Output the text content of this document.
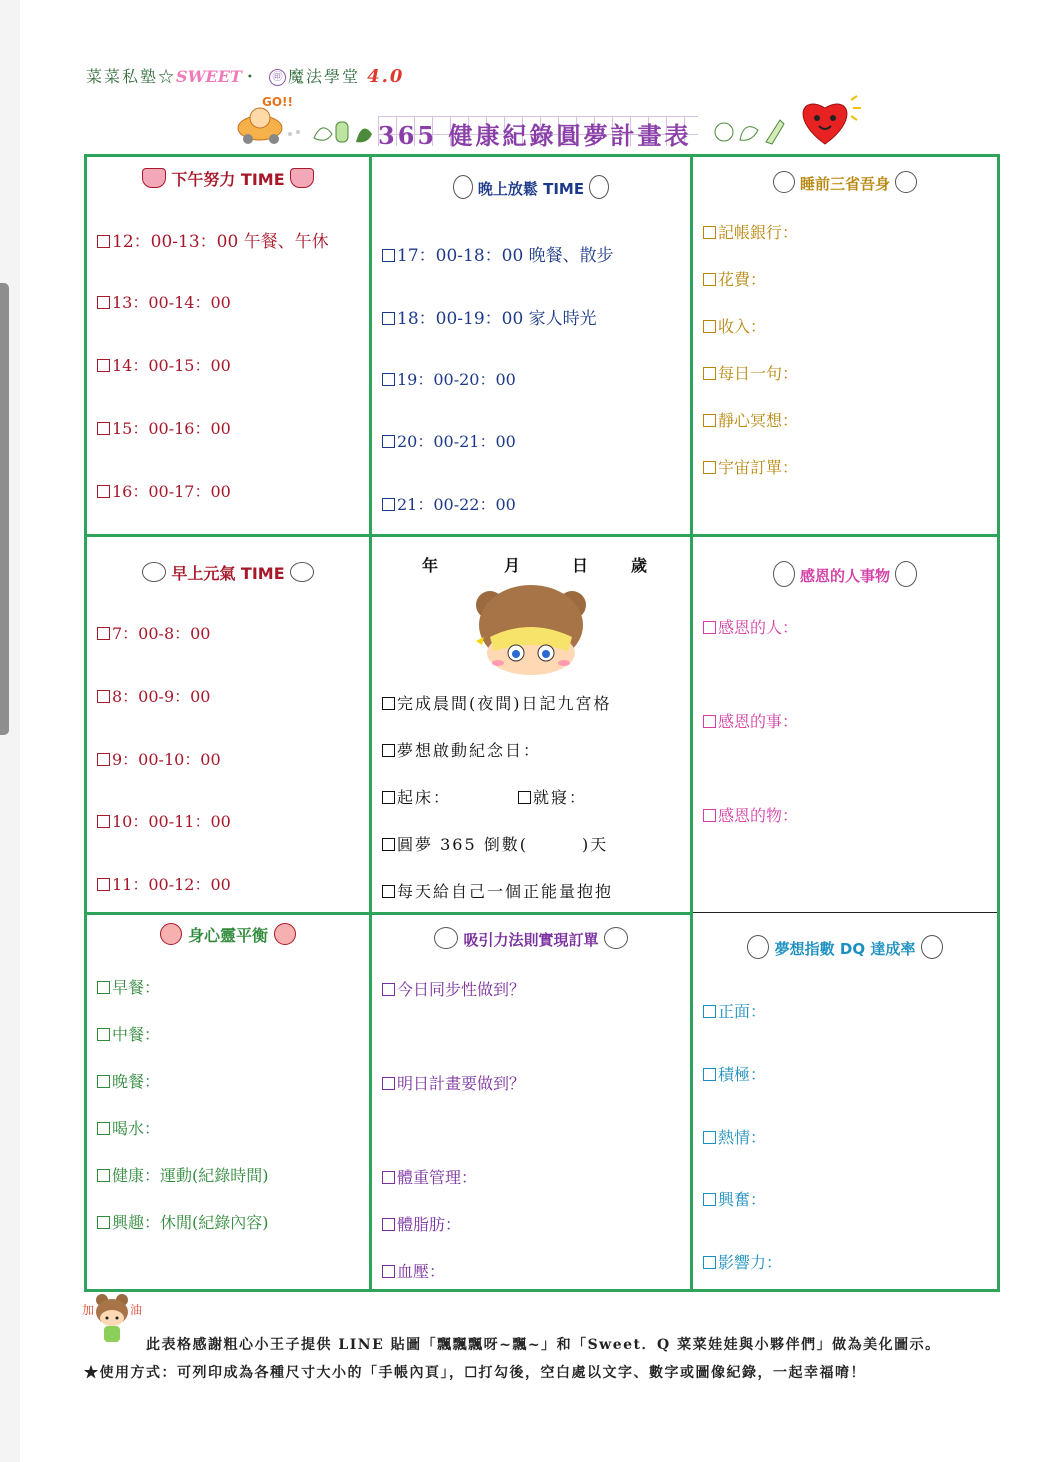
菜菜私塾☆SWEET・ ㊞ 魔法學堂 4.0
GO!!
365 健康紀錄圓夢計畫表
下午努力 TIME
12：00-13：00 午餐、午休
13：00-14：00
14：00-15：00
15：00-16：00
16：00-17：00
晚上放鬆 TIME
17：00-18：00 晚餐、散步
18：00-19：00 家人時光
19：00-20：00
20：00-21：00
21：00-22：00
睡前三省吾身
記帳銀行：
花費：
收入：
每日一句：
靜心冥想：
宇宙訂單：
早上元氣 TIME
7：00-8：00
8：00-9：00
9：00-10：00
10：00-11：00
11：00-12：00
年	月	日	歲
完成晨間(夜間)日記九宮格
夢想啟動紀念日：
起床：	就寢：
圓夢 365 倒數(　　　)天
每天給自己一個正能量抱抱
感恩的人事物
感恩的人：
感恩的事：
感恩的物：
身心靈平衡
早餐：
中餐：
晚餐：
喝水：
健康：運動(紀錄時間)
興趣：休閒(紀錄內容)
吸引力法則實現訂單
今日同步性做到？
明日計畫要做到？
體重管理：
體脂肪：
血壓：
夢想指數 DQ 達成率
正面：
積極：
熱情：
興奮：
影響力：
加	油
此表格感謝粗心小王子提供 LINE 貼圖「飄飄飄呀~飄~」和「Sweet．Q 菜菜娃娃與小夥伴們」做為美化圖示。
★使用方式：可列印成為各種尺寸大小的「手帳內頁」，☐打勾後，空白處以文字、數字或圖像紀錄，一起幸福唷！
